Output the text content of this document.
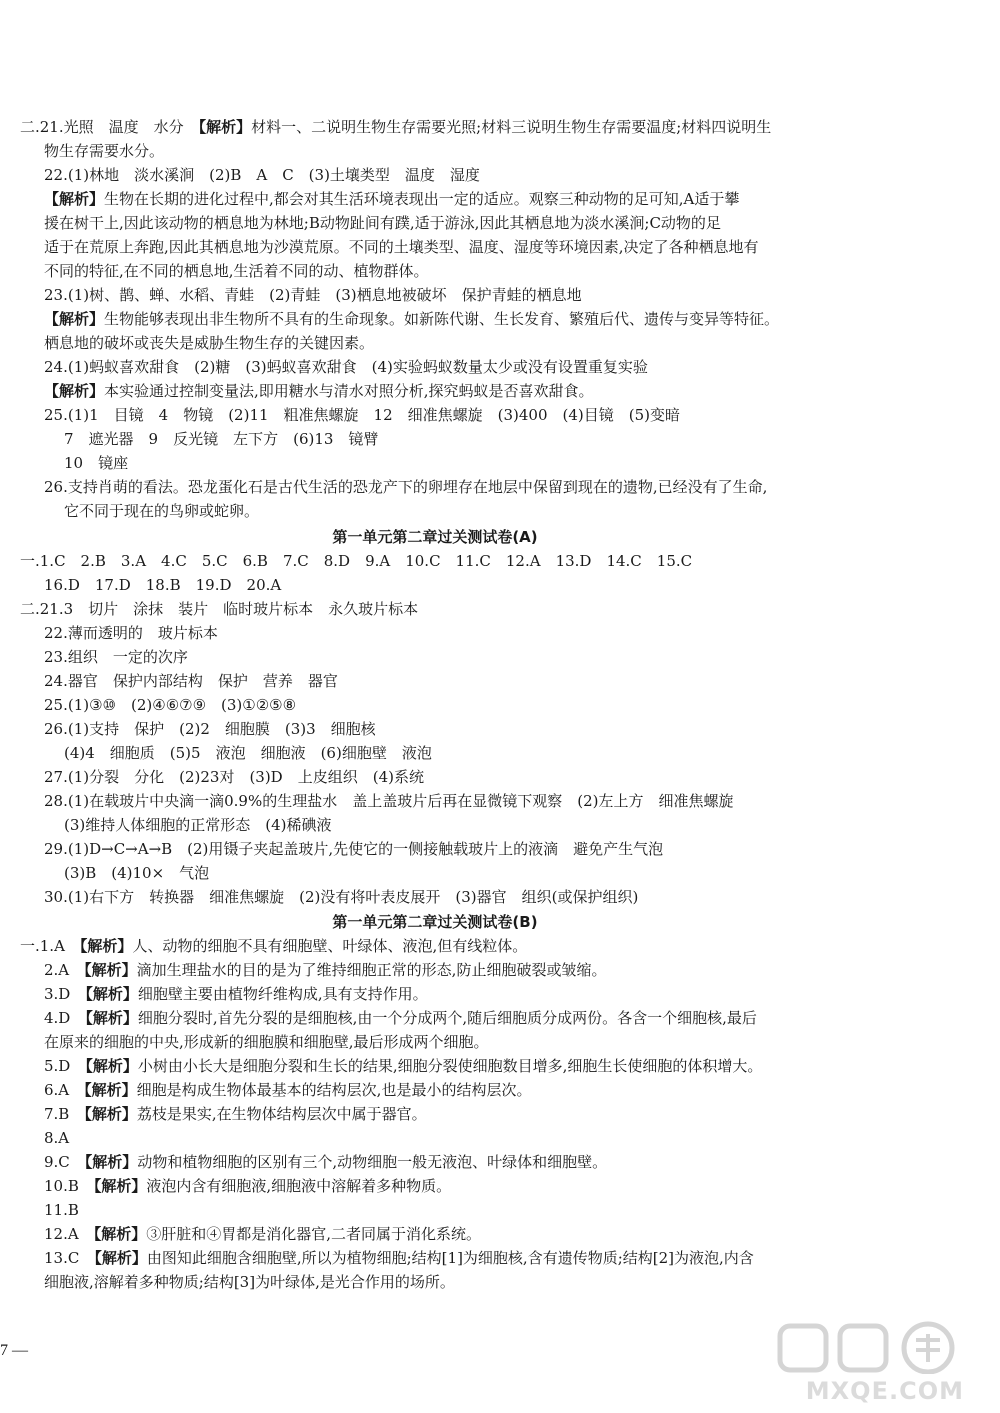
二.21.光照　温度　水分　【解析】材料一、二说明生物生存需要光照;材料三说明生物生存需要温度;材料四说明生
物生存需要水分。
22.(1)林地　淡水溪涧　(2)B　A　C　(3)土壤类型　温度　湿度
【解析】生物在长期的进化过程中,都会对其生活环境表现出一定的适应。观察三种动物的足可知,A适于攀
援在树干上,因此该动物的栖息地为林地;B动物趾间有蹼,适于游泳,因此其栖息地为淡水溪涧;C动物的足
适于在荒原上奔跑,因此其栖息地为沙漠荒原。不同的土壤类型、温度、湿度等环境因素,决定了各种栖息地有
不同的特征,在不同的栖息地,生活着不同的动、植物群体。
23.(1)树、鹊、蝉、水稻、青蛙　(2)青蛙　(3)栖息地被破坏　保护青蛙的栖息地
【解析】生物能够表现出非生物所不具有的生命现象。如新陈代谢、生长发育、繁殖后代、遗传与变异等特征。
栖息地的破坏或丧失是威胁生物生存的关键因素。
24.(1)蚂蚁喜欢甜食　(2)糖　(3)蚂蚁喜欢甜食　(4)实验蚂蚁数量太少或没有设置重复实验
【解析】本实验通过控制变量法,即用糖水与清水对照分析,探究蚂蚁是否喜欢甜食。
25.(1)1　目镜　4　物镜　(2)11　粗准焦螺旋　12　细准焦螺旋　(3)400　(4)目镜　(5)变暗
7　遮光器　9　反光镜　左下方　(6)13　镜臂
10　镜座
26.支持肖萌的看法。恐龙蛋化石是古代生活的恐龙产下的卵埋存在地层中保留到现在的遗物,已经没有了生命,
它不同于现在的鸟卵或蛇卵。
第一单元第二章过关测试卷(A)
一.1.C　2.B　3.A　4.C　5.C　6.B　7.C　8.D　9.A　10.C　11.C　12.A　13.D　14.C　15.C
16.D　17.D　18.B　19.D　20.A
二.21.3　切片　涂抹　装片　临时玻片标本　永久玻片标本
22.薄而透明的　玻片标本
23.组织　一定的次序
24.器官　保护内部结构　保护　营养　器官
25.(1)③⑩　(2)④⑥⑦⑨　(3)①②⑤⑧
26.(1)支持　保护　(2)2　细胞膜　(3)3　细胞核
(4)4　细胞质　(5)5　液泡　细胞液　(6)细胞壁　液泡
27.(1)分裂　分化　(2)23对　(3)D　上皮组织　(4)系统
28.(1)在载玻片中央滴一滴0.9%的生理盐水　盖上盖玻片后再在显微镜下观察　(2)左上方　细准焦螺旋
(3)维持人体细胞的正常形态　(4)稀碘液
29.(1)D→C→A→B　(2)用镊子夹起盖玻片,先使它的一侧接触载玻片上的液滴　避免产生气泡
(3)B　(4)10×　气泡
30.(1)右下方　转换器　细准焦螺旋　(2)没有将叶表皮展开　(3)器官　组织(或保护组织)
第一单元第二章过关测试卷(B)
一.1.A　【解析】人、动物的细胞不具有细胞壁、叶绿体、液泡,但有线粒体。
2.A　【解析】滴加生理盐水的目的是为了维持细胞正常的形态,防止细胞破裂或皱缩。
3.D　【解析】细胞壁主要由植物纤维构成,具有支持作用。
4.D　【解析】细胞分裂时,首先分裂的是细胞核,由一个分成两个,随后细胞质分成两份。各含一个细胞核,最后
在原来的细胞的中央,形成新的细胞膜和细胞壁,最后形成两个细胞。
5.D　【解析】小树由小长大是细胞分裂和生长的结果,细胞分裂使细胞数目增多,细胞生长使细胞的体积增大。
6.A　【解析】细胞是构成生物体最基本的结构层次,也是最小的结构层次。
7.B　【解析】荔枝是果实,在生物体结构层次中属于器官。
8.A
9.C　【解析】动物和植物细胞的区别有三个,动物细胞一般无液泡、叶绿体和细胞壁。
10.B　【解析】液泡内含有细胞液,细胞液中溶解着多种物质。
11.B
12.A　【解析】③肝脏和④胃都是消化器官,二者同属于消化系统。
13.C　【解析】由图知此细胞含细胞壁,所以为植物细胞;结构[1]为细胞核,含有遗传物质;结构[2]为液泡,内含
细胞液,溶解着多种物质;结构[3]为叶绿体,是光合作用的场所。
7 —
MXQE.COM
